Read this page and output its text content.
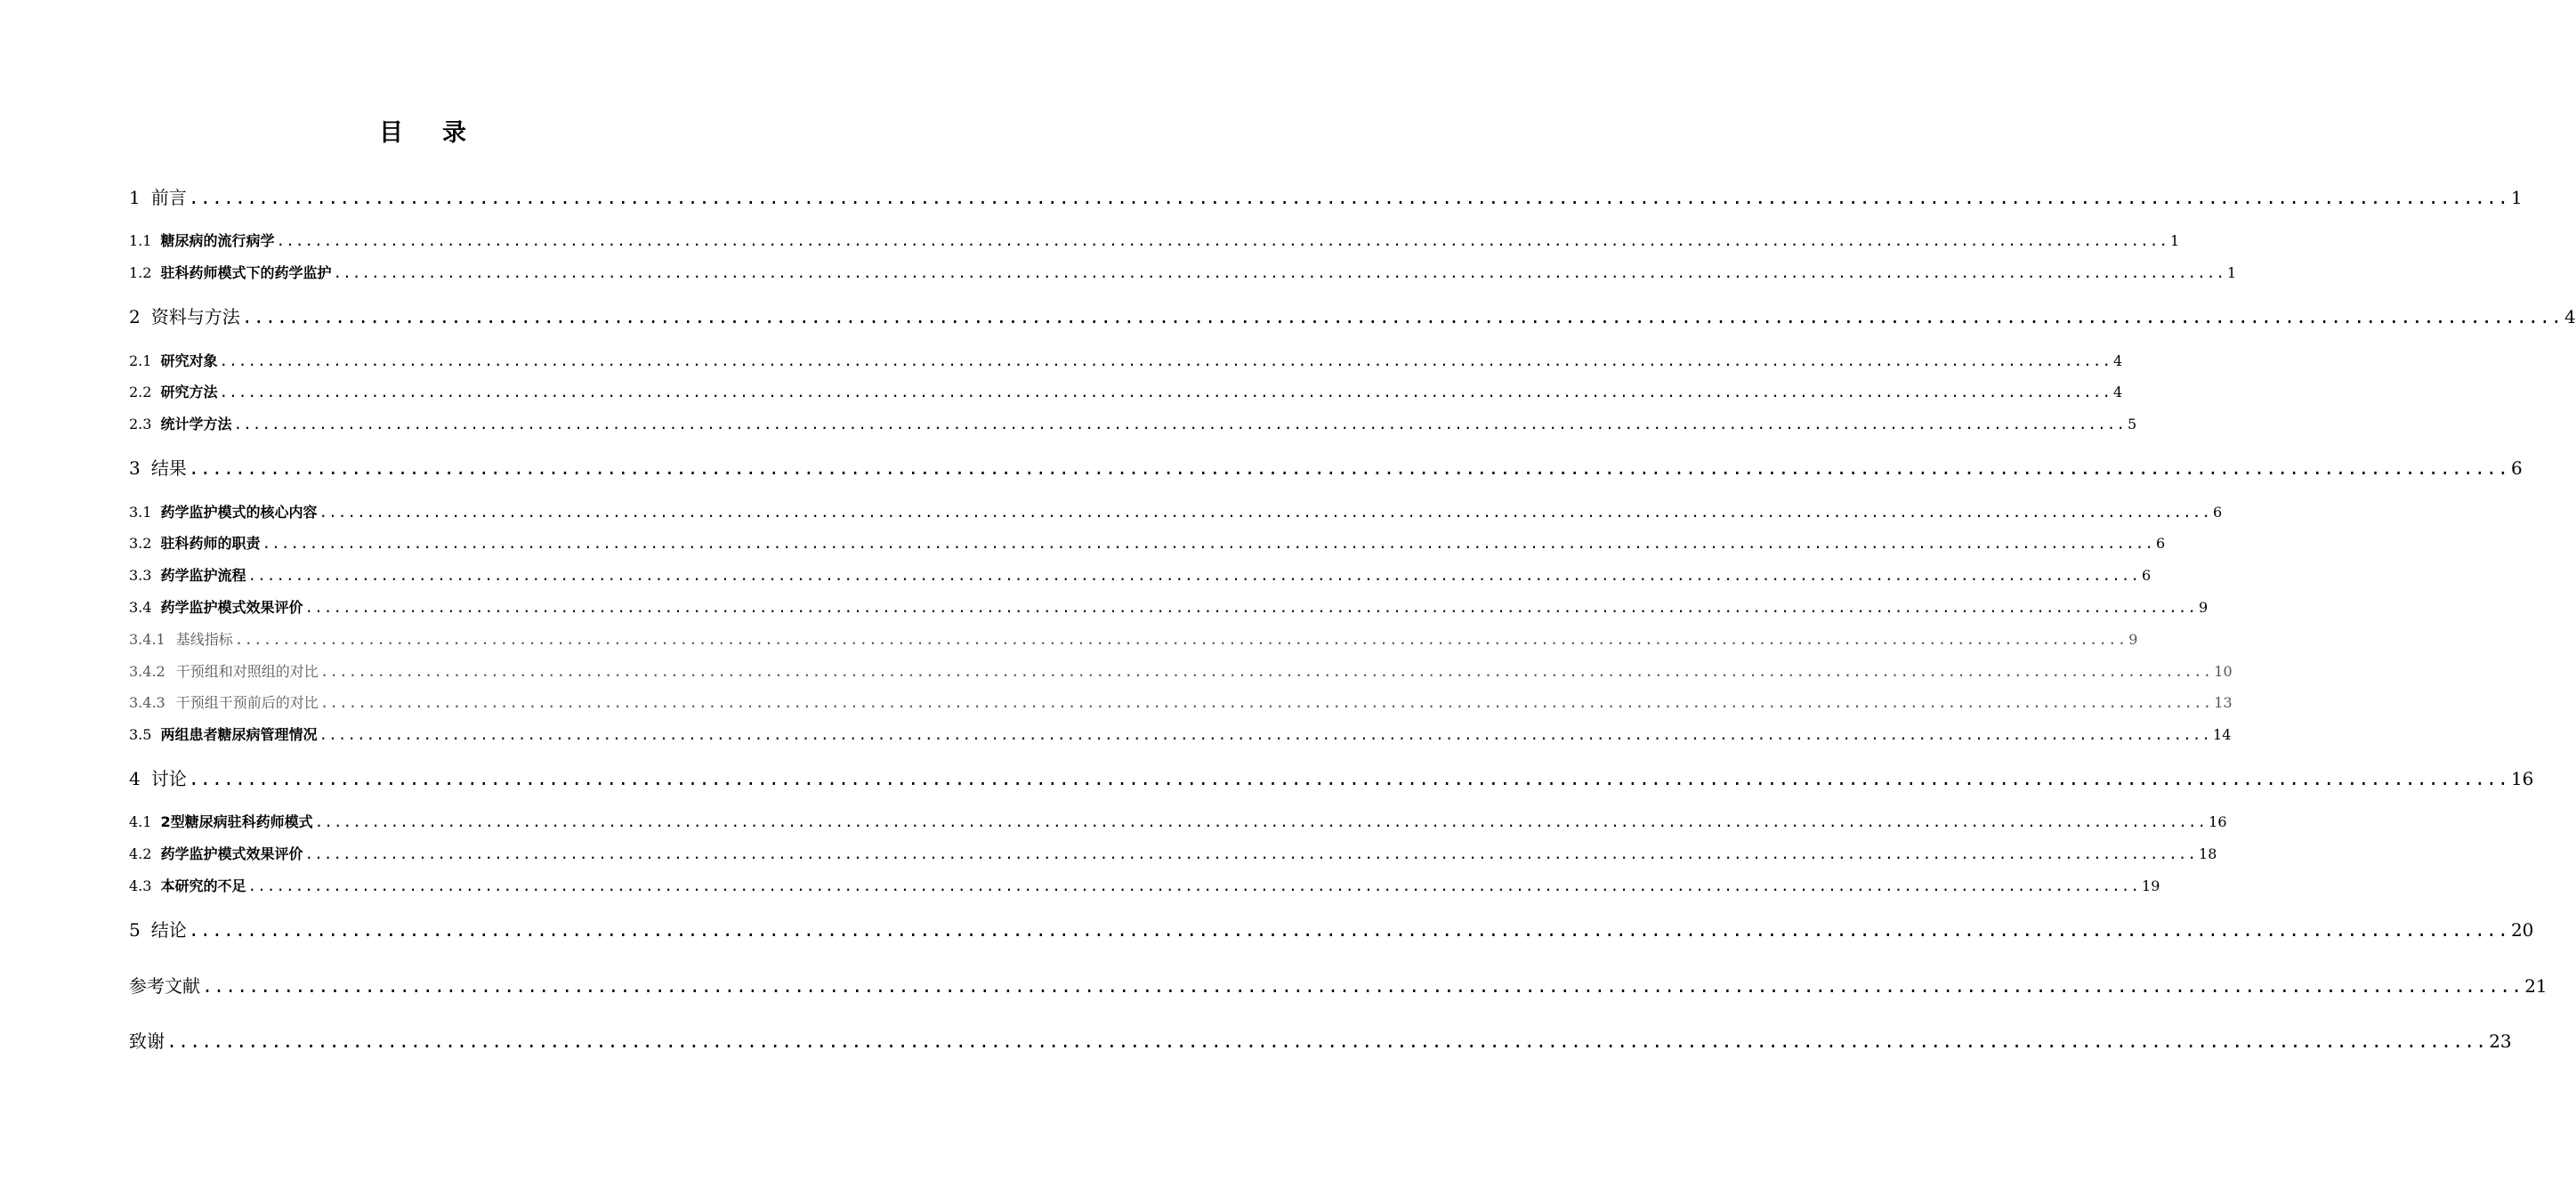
目录
1 前言 ........................................................................................................................................................................................................ 1
1.1 糖尿病的流行病学 ........................................................................................................................................................................................................ 1
1.2 驻科药师模式下的药学监护 ........................................................................................................................................................................................................ 1
2 资料与方法 ........................................................................................................................................................................................................ 4
2.1 研究对象 ........................................................................................................................................................................................................ 4
2.2 研究方法 ........................................................................................................................................................................................................ 4
2.3 统计学方法 ........................................................................................................................................................................................................ 5
3 结果 ........................................................................................................................................................................................................ 6
3.1 药学监护模式的核心内容 ........................................................................................................................................................................................................ 6
3.2 驻科药师的职责 ........................................................................................................................................................................................................ 6
3.3 药学监护流程 ........................................................................................................................................................................................................ 6
3.4 药学监护模式效果评价 ........................................................................................................................................................................................................ 9
3.4.1 基线指标 ........................................................................................................................................................................................................ 9
3.4.2 干预组和对照组的对比 ........................................................................................................................................................................................................ 10
3.4.3 干预组干预前后的对比 ........................................................................................................................................................................................................ 13
3.5 两组患者糖尿病管理情况 ........................................................................................................................................................................................................ 14
4 讨论 ........................................................................................................................................................................................................ 16
4.1 2型糖尿病驻科药师模式 ........................................................................................................................................................................................................ 16
4.2 药学监护模式效果评价 ........................................................................................................................................................................................................ 18
4.3 本研究的不足 ........................................................................................................................................................................................................ 19
5 结论 ........................................................................................................................................................................................................ 20
参考文献 ........................................................................................................................................................................................................ 21
致谢 ........................................................................................................................................................................................................ 23
